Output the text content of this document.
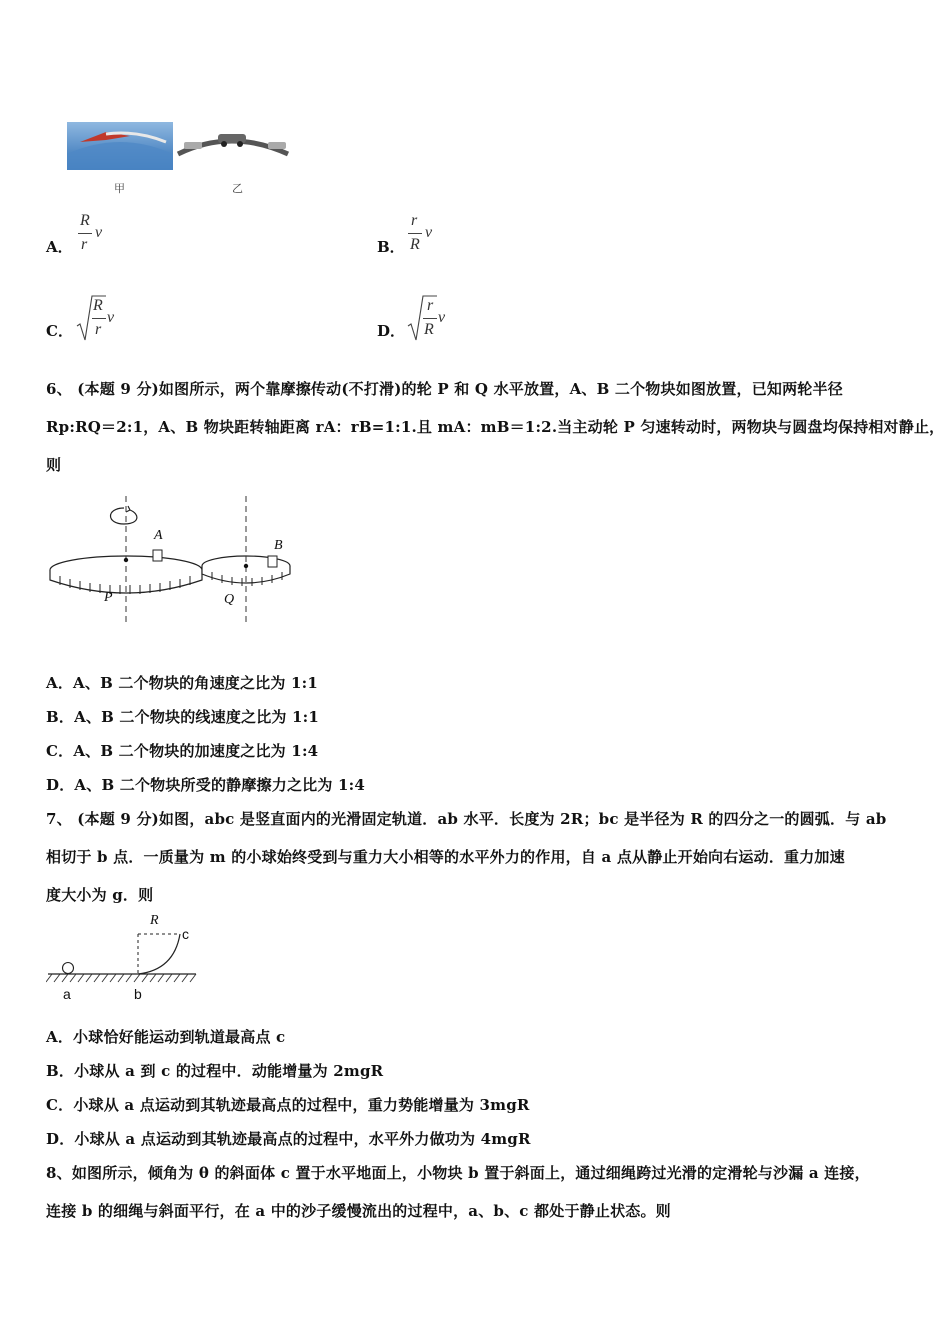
甲	乙
A．
R
r
v
B．
r
R
v
C．
R
r
v
D．
r
R
v
6、 (本题 9 分)如图所示，两个靠摩擦传动(不打滑)的轮 P 和 Q 水平放置，A、B 二个物块如图放置，已知两轮半径
Rp:RQ＝2:1，A、B 物块距转轴距离 rA：rB=1:1.且 mA：mB＝1:2.当主动轮 P 匀速转动时，两物块与圆盘均保持相对静止，
则
A
B
P	Q
A．A、B 二个物块的角速度之比为 1:1
B．A、B 二个物块的线速度之比为 1:1
C．A、B 二个物块的加速度之比为 1:4
D．A、B 二个物块所受的静摩擦力之比为 1:4
7、 (本题 9 分)如图，abc 是竖直面内的光滑固定轨道．ab 水平．长度为 2R；bc 是半径为 R 的四分之一的圆弧．与 ab
相切于 b 点．一质量为 m 的小球始终受到与重力大小相等的水平外力的作用，自 a 点从静止开始向右运动．重力加速
度大小为 g．则
R
c
a	b
A．小球恰好能运动到轨道最高点 c
B．小球从 a 到 c 的过程中．动能增量为 2mgR
C．小球从 a 点运动到其轨迹最高点的过程中，重力势能增量为 3mgR
D．小球从 a 点运动到其轨迹最高点的过程中，水平外力做功为 4mgR
8、如图所示，倾角为 θ 的斜面体 c 置于水平地面上，小物块 b 置于斜面上，通过细绳跨过光滑的定滑轮与沙漏 a 连接，
连接 b 的细绳与斜面平行，在 a 中的沙子缓慢流出的过程中，a、b、c 都处于静止状态。则
